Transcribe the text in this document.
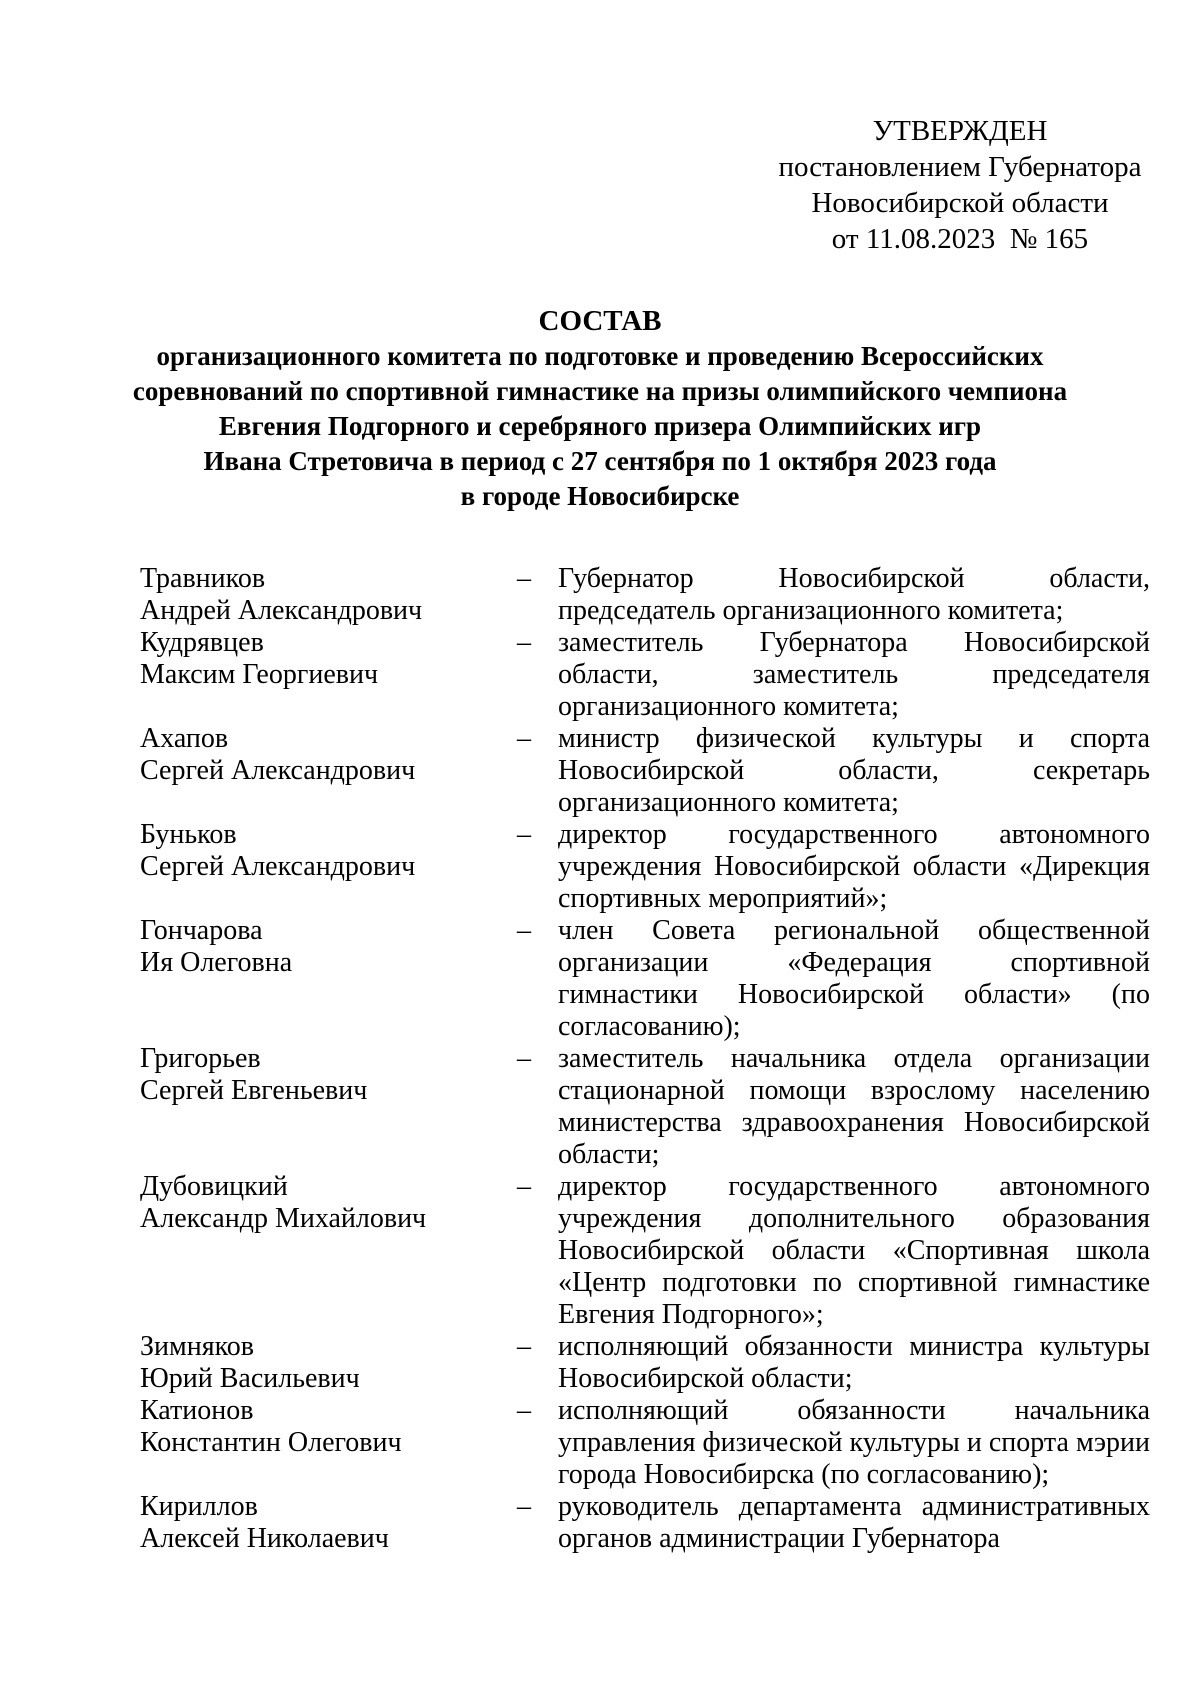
УТВЕРЖДЕН
постановлением Губернатора
Новосибирской области
от 11.08.2023  № 165
СОСТАВ
организационного комитета по подготовке и проведению Всероссийских
соревнований по спортивной гимнастике на призы олимпийского чемпиона
Евгения Подгорного и серебряного призера Олимпийских игр
Ивана Стретовича в период с 27 сентября по 1 октября 2023 года
в городе Новосибирске
Травников
Андрей Александрович
– Губернатор Новосибирской области, председатель организационного комитета;
Кудрявцев
Максим Георгиевич
– заместитель Губернатора Новосибирской области, заместитель председателя организационного комитета;
Ахапов
Сергей Александрович
– министр физической культуры и спорта Новосибирской области, секретарь организационного комитета;
Буньков
Сергей Александрович
– директор государственного автономного учреждения Новосибирской области «Дирекция спортивных мероприятий»;
Гончарова
Ия Олеговна
– член Совета региональной общественной организации «Федерация спортивной гимнастики Новосибирской области» (по согласованию);
Григорьев
Сергей Евгеньевич
– заместитель начальника отдела организации стационарной помощи взрослому населению министерства здравоохранения Новосибирской области;
Дубовицкий
Александр Михайлович
– директор государственного автономного учреждения дополнительного образования Новосибирской области «Спортивная школа «Центр подготовки по спортивной гимнастике Евгения Подгорного»;
Зимняков
Юрий Васильевич
– исполняющий обязанности министра культуры Новосибирской области;
Катионов
Константин Олегович
– исполняющий обязанности начальника управления физической культуры и спорта мэрии города Новосибирска (по согласованию);
Кириллов
Алексей Николаевич
– руководитель департамента административных органов администрации Губернатора
